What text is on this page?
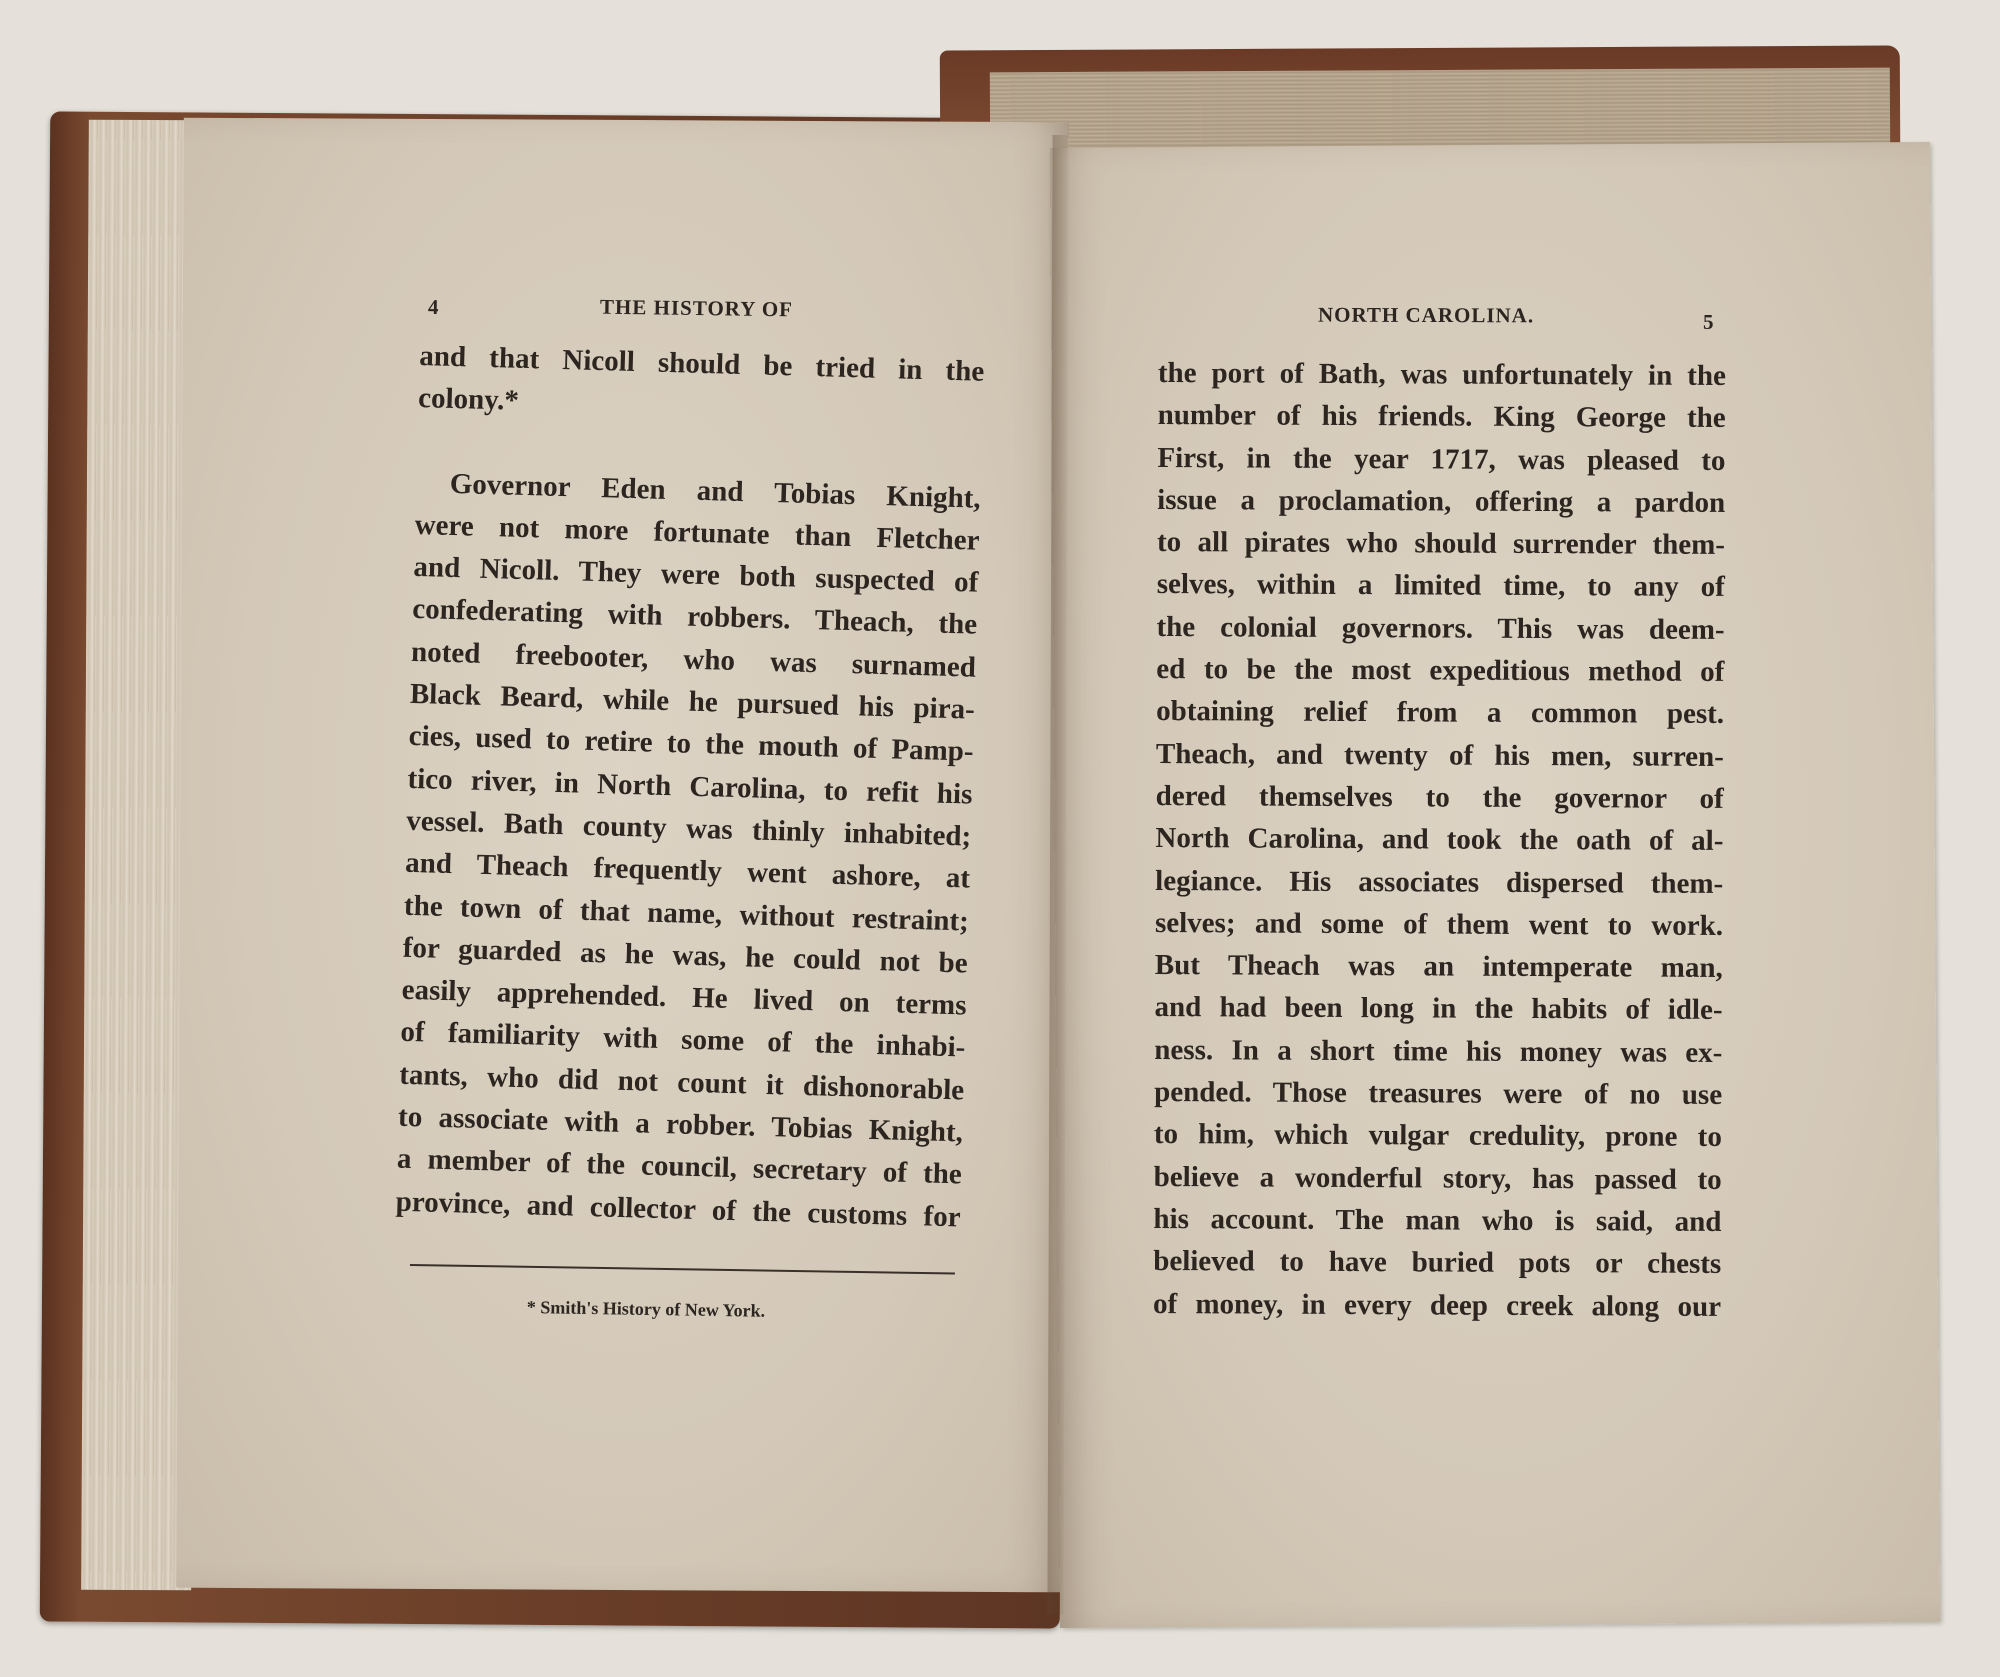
4	THE HISTORY OF	NORTH CAROLINA.	5
and that Nicoll should be tried in the
colony.*
Governor Eden and Tobias Knight,
were not more fortunate than Fletcher
and Nicoll. They were both suspected of
confederating with robbers. Theach, the
noted freebooter, who was surnamed
Black Beard, while he pursued his pira-
cies, used to retire to the mouth of Pamp-
tico river, in North Carolina, to refit his
vessel. Bath county was thinly inhabited;
and Theach frequently went ashore, at
the town of that name, without restraint;
for guarded as he was, he could not be
easily apprehended. He lived on terms
of familiarity with some of the inhabi-
tants, who did not count it dishonorable
to associate with a robber. Tobias Knight,
a member of the council, secretary of the
province, and collector of the customs for
* Smith's History of New York.
the port of Bath, was unfortunately in the
number of his friends. King George the
First, in the year 1717, was pleased to
issue a proclamation, offering a pardon
to all pirates who should surrender them-
selves, within a limited time, to any of
the colonial governors. This was deem-
ed to be the most expeditious method of
obtaining relief from a common pest.
Theach, and twenty of his men, surren-
dered themselves to the governor of
North Carolina, and took the oath of al-
legiance. His associates dispersed them-
selves; and some of them went to work.
But Theach was an intemperate man,
and had been long in the habits of idle-
ness. In a short time his money was ex-
pended. Those treasures were of no use
to him, which vulgar credulity, prone to
believe a wonderful story, has passed to
his account. The man who is said, and
believed to have buried pots or chests
of money, in every deep creek along our
